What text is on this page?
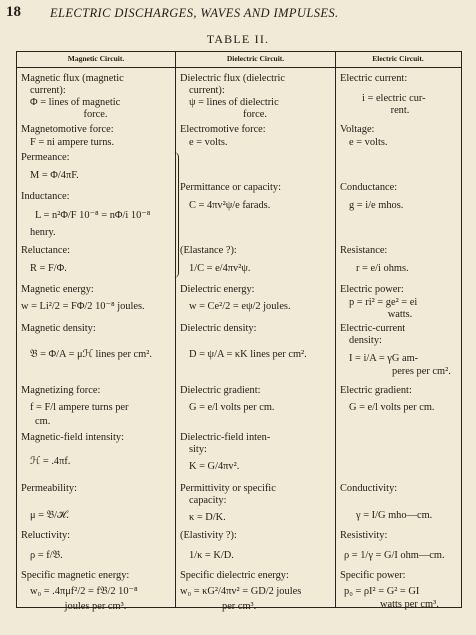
18 ELECTRIC DISCHARGES, WAVES AND IMPULSES.
TABLE II.
Magnetic Circuit.	Dielectric Circuit.	Electric Circuit.
Magnetic flux (magnetic
current):
Φ = lines of magnetic
force.
Magnetomotive force:
F = ni ampere turns.
Permeance:
M = Φ/4πF.
Inductance:
L = n²Φ/F 10⁻⁸ = nΦ/i 10⁻⁸
henry.
Reluctance:
R = F/Φ.
Magnetic energy:
w = Li²/2 = FΦ/2 10⁻⁸ joules.
Magnetic density:
𝔅 = Φ/A = μℋ lines per cm².
Magnetizing force:
f = F/l ampere turns per
cm.
Magnetic-field intensity:
ℋ = .4πf.
Permeability:
μ = 𝔅/ℋ.
Reluctivity:
ρ = f/𝔅.
Specific magnetic energy:
w₀ = .4πμf²/2 = f𝔅/2 10⁻⁸
joules per cm³.
Dielectric flux (dielectric
current):
ψ = lines of dielectric
force.
Electromotive force:
e = volts.
Permittance or capacity:
C = 4πv²ψ/e farads.
(Elastance ?):
1/C = e/4πv²ψ.
Dielectric energy:
w = Ce²/2 = eψ/2 joules.
Dielectric density:
D = ψ/A = κK lines per cm².
Dielectric gradient:
G = e/l volts per cm.
Dielectric-field inten-
sity:
K = G/4πv².
Permittivity or specific
capacity:
κ = D/K.
(Elastivity ?):
1/κ = K/D.
Specific dielectric energy:
w₀ = κG²/4πv² = GD/2 joules
per cm³.
Electric current:
i = electric cur-
rent.
Voltage:
e = volts.
Conductance:
g = i/e mhos.
Resistance:
r = e/i ohms.
Electric power:
p = ri² = ge² = ei
watts.
Electric-current
density:
I = i/A = γG am-
peres per cm².
Electric gradient:
G = e/l volts per cm.
Conductivity:
γ = I/G mho—cm.
Resistivity:
ρ = 1/γ = G/I ohm—cm.
Specific power:
p₀ = ρI² = G² = GI
watts per cm³.
